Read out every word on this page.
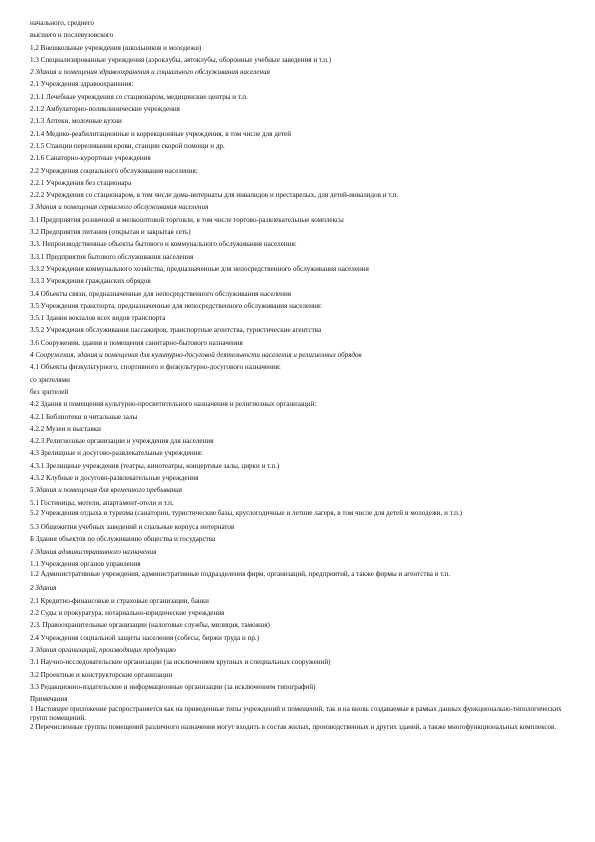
начального, среднего
высшего и послевузовского
1.2 Внешкольные учреждения (школьников и молодежи)
1.3 Специализированные учреждения (аэроклубы, автоклубы, оборонные учебные заведения и т.п.)
2 Здания и помещения здравоохранения и социального обслуживания населения
2.1 Учреждения здравоохранения:
2.1.1 Лечебные учреждения со стационаром, медицинские центры и т.п.
2.1.2 Амбулаторно-поликлинические учреждения
2.1.3 Аптеки, молочные кухни
2.1.4 Медико-реабилитационные и коррекционные учреждения, в том числе для детей
2.1.5 Станции переливания крови, станции скорой помощи и др.
2.1.6 Санаторно-курортные учреждения
2.2 Учреждения социального обслуживания населения:
2.2.1 Учреждения без стационара
2.2.2 Учреждения со стационаром, в том числе дома-интернаты для инвалидов и престарелых, для детей-инвалидов и т.п.
3 Здания и помещения сервисного обслуживания населения
3.1 Предприятия розничной и мелкооптовой торговли, в том числе торгово-развлекательные комплексы
3.2 Предприятия питания (открытая и закрытая сеть)
3.3. Непроизводственные объекты бытового и коммунального обслуживания населения:
3.3.1 Предприятия бытового обслуживания населения
3.3.2 Учреждения коммунального хозяйства, предназначенные для непосредственного обслуживания населения
3.3.3 Учреждения гражданских обрядов
3.4 Объекты связи, предназначенные для непосредственного обслуживания населения
3.5 Учреждения транспорта, предназначенные для непосредственного обслуживания населения:
3.5.1 Здания вокзалов всех видов транспорта
3.5.2 Учреждения обслуживания пассажиров, транспортные агентства, туристические агентства
3.6 Сооружения, здания и помещения санитарно-бытового назначения
4 Сооружения, здания и помещения для культурно-досуговой деятельности населения и религиозных обрядов
4.1 Объекты физкультурного, спортивного и физкультурно-досугового назначения:
со зрителями
без зрителей
4.2 Здания и помещения культурно-просветительного назначения и религиозных организаций:
4.2.1 Библиотеки и читальные залы
4.2.2 Музеи и выставки
4.2.3 Религиозные организации и учреждения для населения
4.3 Зрелищные и досугово-развлекательные учреждения:
4.3.1 Зрелищные учреждения (театры, кинотеатры, концертные залы, цирки и т.п.)
4.3.2 Клубные и досугово-развлекательные учреждения
5 Здания и помещения для временного пребывания
5.1 Гостиницы, мотели, апартамент-отели и т.п.
5.2 Учреждения отдыха и туризма (санатории, туристические базы, круглогодичные и летние лагеря, в том числе для детей и молодежи, и т.п.)
5.3 Общежития учебных заведений и спальные корпуса интернатов
Б Здания объектов по обслуживанию общества и государства
1 Здания административного назначения
1.1 Учреждения органов управления
1.2 Административные учреждения, административные подразделения фирм, организаций, предприятий, а также фирмы и агентства и т.п.
2 Здания
2.1 Кредитно-финансовые и страховые организации, банки
2.2 Суды и прокуратура, нотариально-юридические учреждения
2.3. Правоохранительные организации (налоговые службы, милиция, таможня)
2.4 Учреждения социальной защиты населения (собесы, биржи труда и пр.)
3 Здания организаций, производящих продукцию
3.1 Научно-исследовательские организации (за исключением крупных и специальных сооружений)
3.2 Проектные и конструкторские организации
3.3 Редакционно-издательские и информационные организации (за исключением типографий)
Примечания
1 Настоящее приложение распространяется как на приведенные типы учреждений и помещений, так и на вновь создаваемые в рамках данных функционально-типологических групп помещений.
2 Перечисленные группы помещений различного назначения могут входить в состав жилых, производственных и других зданий, а также многофункциональных комплексов.
